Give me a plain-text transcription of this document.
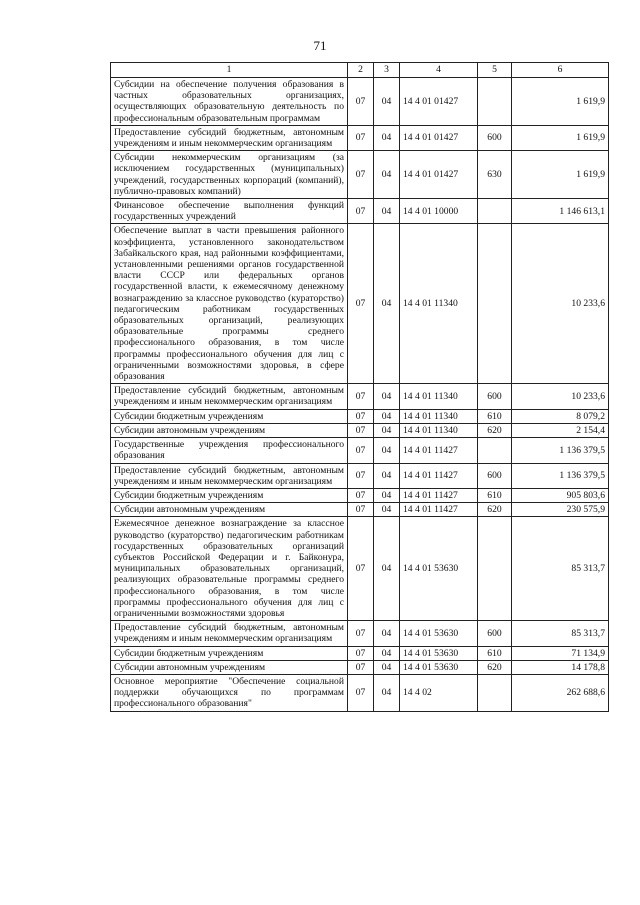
71
1	2	3	4	5	6
Субсидии на обеспечение получения образования в частных образовательных организациях, осуществляющих образовательную деятельность по профессиональным образовательным программам	07	04	14 4 01 01427		1 619,9
Предоставление субсидий бюджетным, автономным учреждениям и иным некоммерческим организациям	07	04	14 4 01 01427	600	1 619,9
Субсидии некоммерческим организациям (за исключением государственных (муниципальных) учреждений, государственных корпораций (компаний), публично-правовых компаний)	07	04	14 4 01 01427	630	1 619,9
Финансовое обеспечение выполнения функций государственных учреждений	07	04	14 4 01 10000		1 146 613,1
Обеспечение выплат в части превышения районного коэффициента, установленного законодательством Забайкальского края, над районными коэффициентами, установленными решениями органов государственной власти СССР или федеральных органов государственной власти, к ежемесячному денежному вознаграждению за классное руководство (кураторство) педагогическим работникам государственных образовательных организаций, реализующих образовательные программы среднего профессионального образования, в том числе программы профессионального обучения для лиц с ограниченными возможностями здоровья, в сфере образования	07	04	14 4 01 11340		10 233,6
Предоставление субсидий бюджетным, автономным учреждениям и иным некоммерческим организациям	07	04	14 4 01 11340	600	10 233,6
Субсидии бюджетным учреждениям	07	04	14 4 01 11340	610	8 079,2
Субсидии автономным учреждениям	07	04	14 4 01 11340	620	2 154,4
Государственные учреждения профессионального образования	07	04	14 4 01 11427		1 136 379,5
Предоставление субсидий бюджетным, автономным учреждениям и иным некоммерческим организациям	07	04	14 4 01 11427	600	1 136 379,5
Субсидии бюджетным учреждениям	07	04	14 4 01 11427	610	905 803,6
Субсидии автономным учреждениям	07	04	14 4 01 11427	620	230 575,9
Ежемесячное денежное вознаграждение за классное руководство (кураторство) педагогическим работникам государственных образовательных организаций субъектов Российской Федерации и г. Байконура, муниципальных образовательных организаций, реализующих образовательные программы среднего профессионального образования, в том числе программы профессионального обучения для лиц с ограниченными возможностями здоровья	07	04	14 4 01 53630		85 313,7
Предоставление субсидий бюджетным, автономным учреждениям и иным некоммерческим организациям	07	04	14 4 01 53630	600	85 313,7
Субсидии бюджетным учреждениям	07	04	14 4 01 53630	610	71 134,9
Субсидии автономным учреждениям	07	04	14 4 01 53630	620	14 178,8
Основное мероприятие "Обеспечение социальной поддержки обучающихся по программам профессионального образования"	07	04	14 4 02		262 688,6
